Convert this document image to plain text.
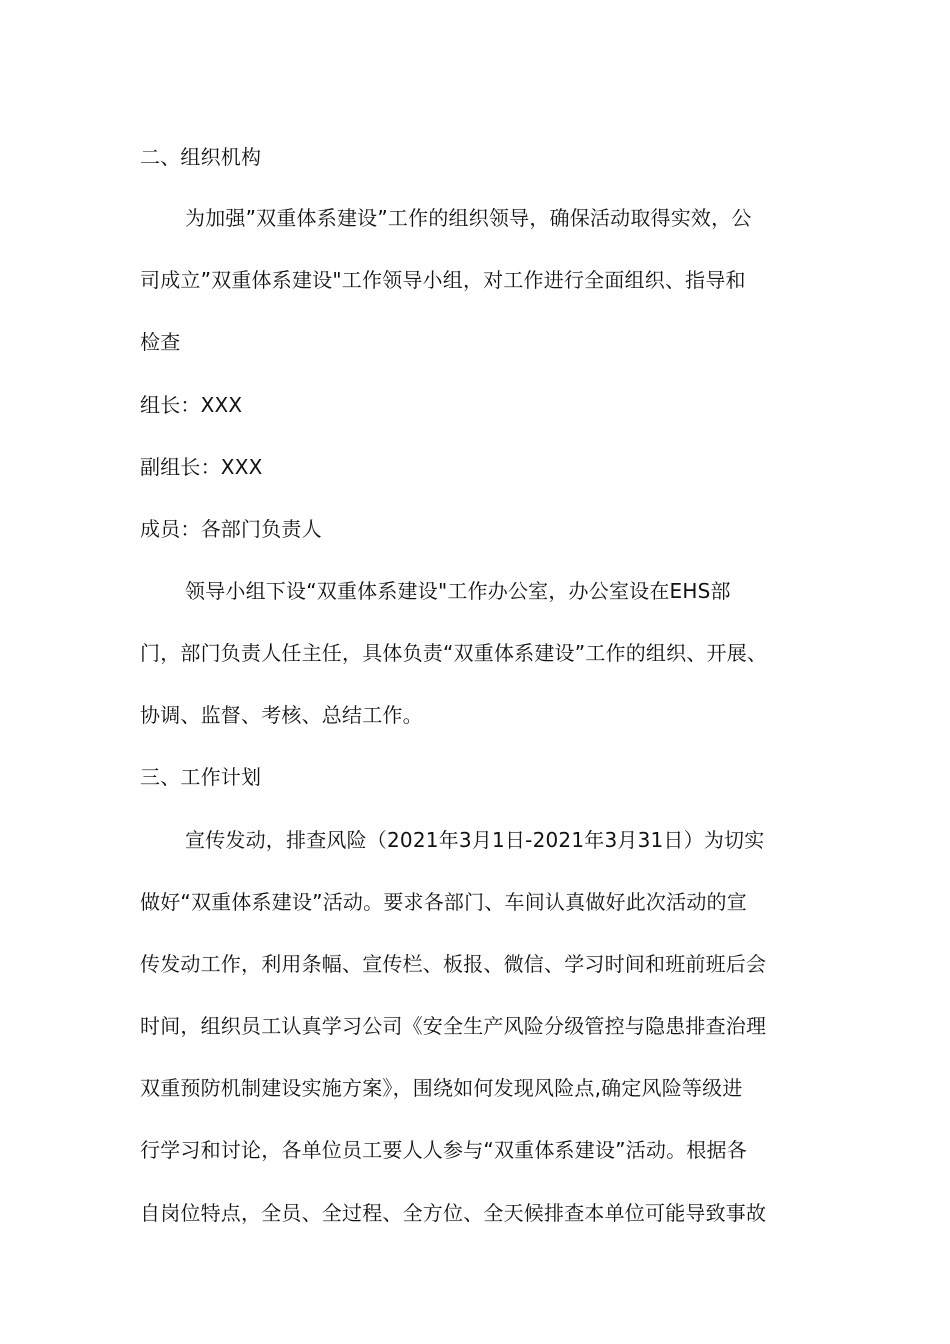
二、组织机构
为加强”双重体系建设”工作的组织领导，确保活动取得实效，公
司成立”双重体系建设"工作领导小组，对工作进行全面组织、指导和
检查
组长：XXX
副组长：XXX
成员：各部门负责人
领导小组下设“双重体系建设"工作办公室，办公室设在EHS部
门，部门负责人任主任，具体负责“双重体系建设”工作的组织、开展、
协调、监督、考核、总结工作。
三、工作计划
宣传发动，排查风险（2021年3月1日-2021年3月31日）为切实
做好“双重体系建设”活动。要求各部门、车间认真做好此次活动的宣
传发动工作，利用条幅、宣传栏、板报、微信、学习时间和班前班后会
时间，组织员工认真学习公司《安全生产风险分级管控与隐患排查治理
双重预防机制建设实施方案》，围绕如何发现风险点,确定风险等级进
行学习和讨论，各单位员工要人人参与“双重体系建设”活动。根据各
自岗位特点，全员、全过程、全方位、全天候排查本单位可能导致事故
